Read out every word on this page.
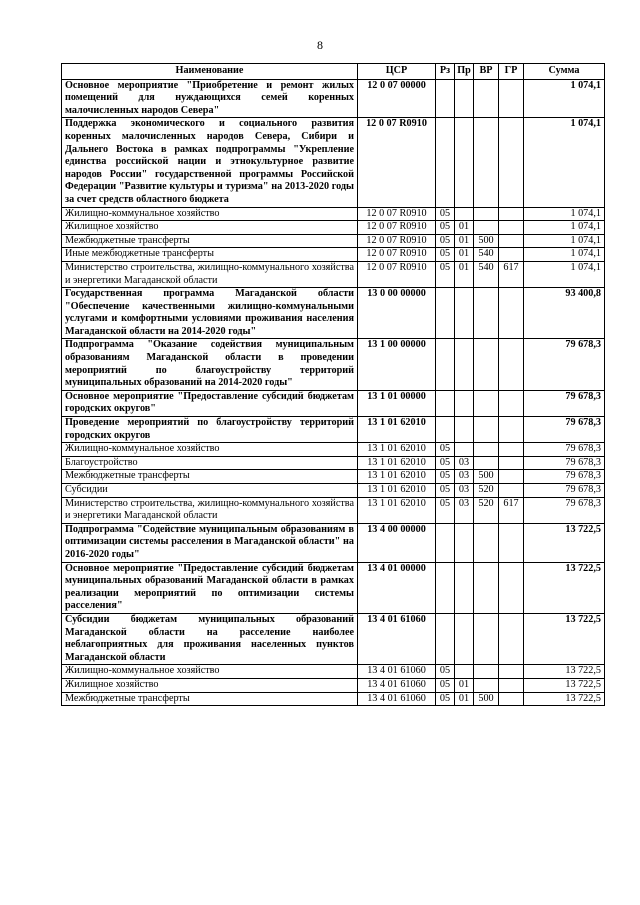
8
Наименование	ЦСР	Рз	Пр	ВР	ГР	Сумма
Основное мероприятие "Приобретение и ремонт жилых помещений для нуждающихся семей коренных малочисленных народов Севера"	12 0 07 00000					1 074,1
Поддержка экономического и социального развития коренных малочисленных народов Севера, Сибири и Дальнего Востока в рамках подпрограммы "Укрепление единства российской нации и этнокультурное развитие народов России" государственной программы Российской Федерации "Развитие культуры и туризма" на 2013-2020 годы за счет средств областного бюджета	12 0 07 R0910					1 074,1
Жилищно-коммунальное хозяйство	12 0 07 R0910	05				1 074,1
Жилищное хозяйство	12 0 07 R0910	05	01			1 074,1
Межбюджетные трансферты	12 0 07 R0910	05	01	500		1 074,1
Иные межбюджетные трансферты	12 0 07 R0910	05	01	540		1 074,1
Министерство строительства, жилищно-коммунального хозяйства и энергетики Магаданской области	12 0 07 R0910	05	01	540	617	1 074,1
Государственная программа Магаданской области "Обеспечение качественными жилищно-коммунальными услугами и комфортными условиями проживания населения Магаданской области на 2014-2020 годы"	13 0 00 00000					93 400,8
Подпрограмма "Оказание содействия муниципальным образованиям Магаданской области в проведении мероприятий по благоустройству территорий муниципальных образований на 2014-2020 годы"	13 1 00 00000					79 678,3
Основное мероприятие "Предоставление субсидий бюджетам городских округов"	13 1 01 00000					79 678,3
Проведение мероприятий по благоустройству территорий городских округов	13 1 01 62010					79 678,3
Жилищно-коммунальное хозяйство	13 1 01 62010	05				79 678,3
Благоустройство	13 1 01 62010	05	03			79 678,3
Межбюджетные трансферты	13 1 01 62010	05	03	500		79 678,3
Субсидии	13 1 01 62010	05	03	520		79 678,3
Министерство строительства, жилищно-коммунального хозяйства и энергетики Магаданской области	13 1 01 62010	05	03	520	617	79 678,3
Подпрограмма "Содействие муниципальным образованиям в оптимизации системы расселения в Магаданской области" на 2016-2020 годы"	13 4 00 00000					13 722,5
Основное мероприятие "Предоставление субсидий бюджетам муниципальных образований Магаданской области в рамках реализации мероприятий по оптимизации системы расселения"	13 4 01 00000					13 722,5
Субсидии бюджетам муниципальных образований Магаданской области на расселение наиболее неблагоприятных для проживания населенных пунктов Магаданской области	13 4 01 61060					13 722,5
Жилищно-коммунальное хозяйство	13 4 01 61060	05				13 722,5
Жилищное хозяйство	13 4 01 61060	05	01			13 722,5
Межбюджетные трансферты	13 4 01 61060	05	01	500		13 722,5
